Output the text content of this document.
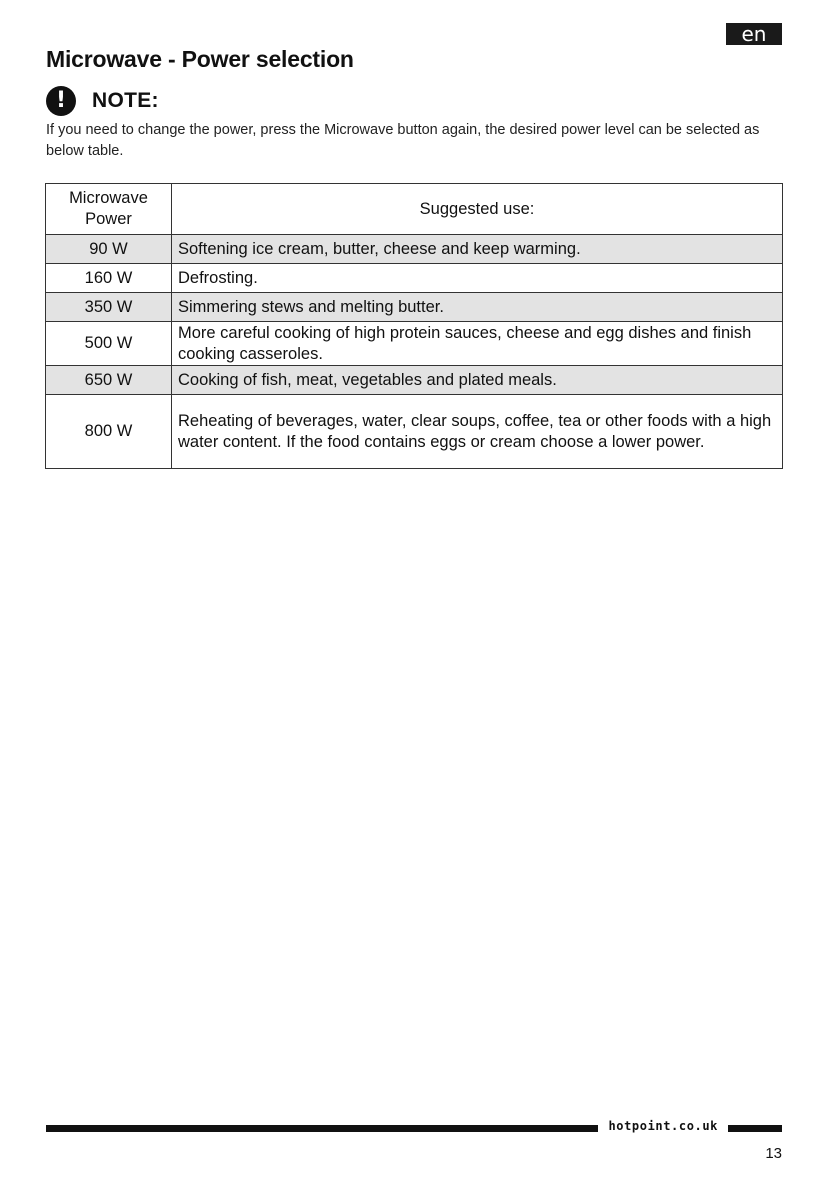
en
Microwave - Power selection
!	NOTE:
If you need to change the power, press the Microwave button again, the desired power level can be selected as below table.
Microwave Power	Suggested use:
90 W	Softening ice cream, butter, cheese and keep warming.
160 W	Defrosting.
350 W	Simmering stews and melting butter.
500 W	More careful cooking of high protein sauces, cheese and egg dishes and finish cooking casseroles.
650 W	Cooking of fish, meat, vegetables and plated meals.
800 W	Reheating of beverages, water, clear soups, coffee, tea or other foods with a high water content. If the food contains eggs or cream choose a lower power.
hotpoint.co.uk
13
